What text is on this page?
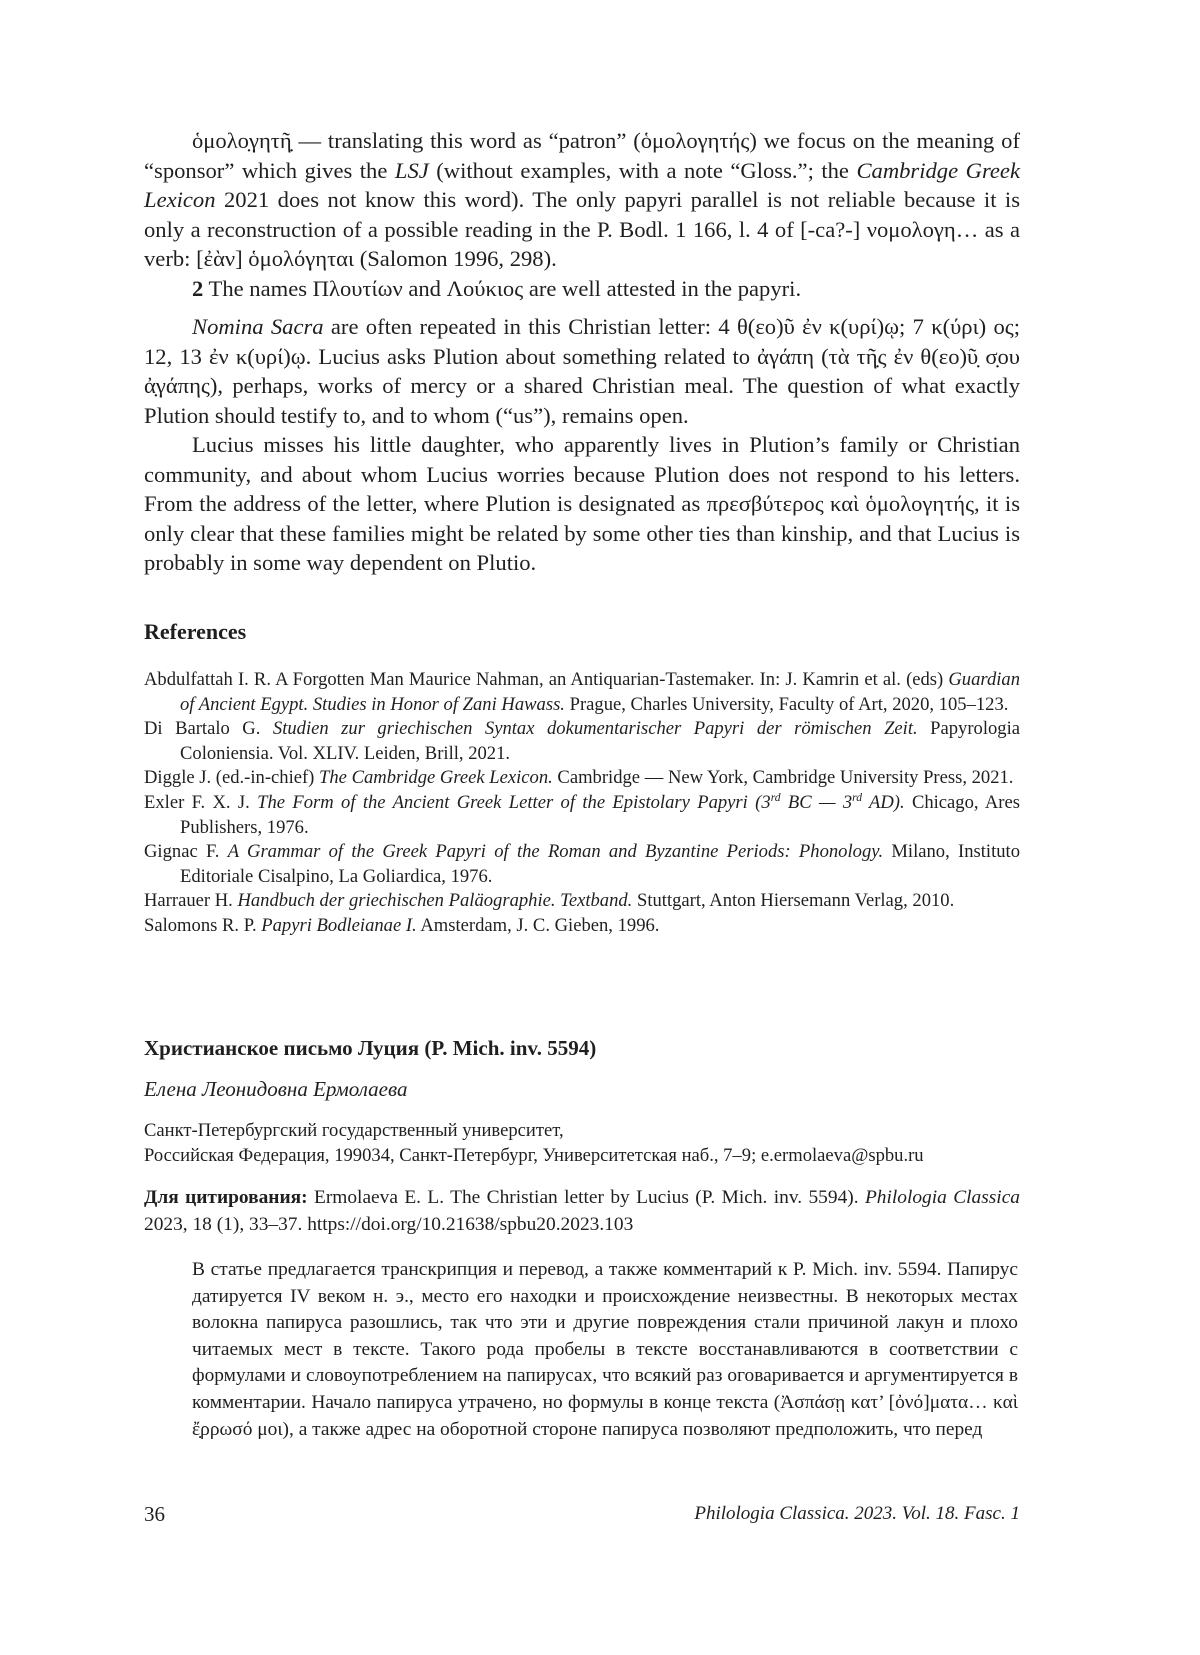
ὁμολο̣γητῆ̣ — translating this word as “patron” (ὁμολογητής) we focus on the meaning of “sponsor” which gives the LSJ (without examples, with a note “Gloss.”; the Cambridge Greek Lexicon 2021 does not know this word). The only papyri parallel is not reliable because it is only a reconstruction of a possible reading in the P. Bodl. 1 166, l. 4 of [-ca?-] νομολογη… as a verb: [ἐὰν] ὁμολόγηται (Salomon 1996, 298).

2 The names Πλουτίων and Λούκιος are well attested in the papyri.

Nomina Sacra are often repeated in this Christian letter: 4 θ(εο)ῦ ἐν κ(υρί)ῳ; 7 κ(ύρι) ος; 12, 13 ἐν κ(υρί)ῳ. Lucius asks Plution about something related to ἀγάπη (τὰ τῆ̣ς ἐν θ(εο)ῦ̣ σ̣ου ἀ̣γάπης), perhaps, works of mercy or a shared Christian meal. The question of what exactly Plution should testify to, and to whom (“us”), remains open.

Lucius misses his little daughter, who apparently lives in Plution’s family or Christian community, and about whom Lucius worries because Plution does not respond to his letters. From the address of the letter, where Plution is designated as πρεσβύτερος καὶ ὁμολογητής, it is only clear that these families might be related by some other ties than kinship, and that Lucius is probably in some way dependent on Plutio.

References

Abdulfattah I. R. A Forgotten Man Maurice Nahman, an Antiquarian-Tastemaker. In: J. Kamrin et al. (eds) Guardian of Ancient Egypt. Studies in Honor of Zani Hawass. Prague, Charles University, Faculty of Art, 2020, 105–123.

Di Bartalo G. Studien zur griechischen Syntax dokumentarischer Papyri der römischen Zeit. Papyrologia Coloniensia. Vol. XLIV. Leiden, Brill, 2021.

Diggle J. (ed.-in-chief) The Cambridge Greek Lexicon. Cambridge — New York, Cambridge University Press, 2021.

Exler F. X. J. The Form of the Ancient Greek Letter of the Epistolary Papyri (3rd BC — 3rd AD). Chicago, Ares Publishers, 1976.

Gignac F. A Grammar of the Greek Papyri of the Roman and Byzantine Periods: Phonology. Milano, Instituto Editoriale Cisalpino, La Goliardica, 1976.

Harrauer H. Handbuch der griechischen Paläographie. Textband. Stuttgart, Anton Hiersemann Verlag, 2010.

Salomons R. P. Papyri Bodleianae I. Amsterdam, J. C. Gieben, 1996.

Христианское письмо Луция (P. Mich. inv. 5594)

Елена Леонидовна Ермолаева

Санкт-Петербургский государственный университет,

Российская Федерация, 199034, Санкт-Петербург, Университетская наб., 7–9; e.ermolaeva@spbu.ru

Для цитирования: Ermolaeva E. L. The Christian letter by Lucius (P. Mich. inv. 5594). Philologia Classica 2023, 18 (1), 33–37. https://doi.org/10.21638/spbu20.2023.103

В статье предлагается транскрипция и перевод, а также комментарий к P. Mich. inv. 5594. Папирус датируется IV веком н. э., место его находки и происхождение неизвестны. В некоторых местах волокна папируса разошлись, так что эти и другие повреждения стали причиной лакун и плохо читаемых мест в тексте. Такого рода пробелы в тексте восстанавливаются в соответствии с формулами и словоупотреблением на папирусах, что всякий раз оговаривается и аргументируется в комментарии. Начало папируса утрачено, но формулы в конце текста (Ἀσπάσῃ κατ’ [ὀνό]ματα… καὶ ἔ̣ρρωσό μοι), а также адрес на оборотной стороне папируса позволяют предположить, что перед

36	Philologia Classica. 2023. Vol. 18. Fasc. 1
